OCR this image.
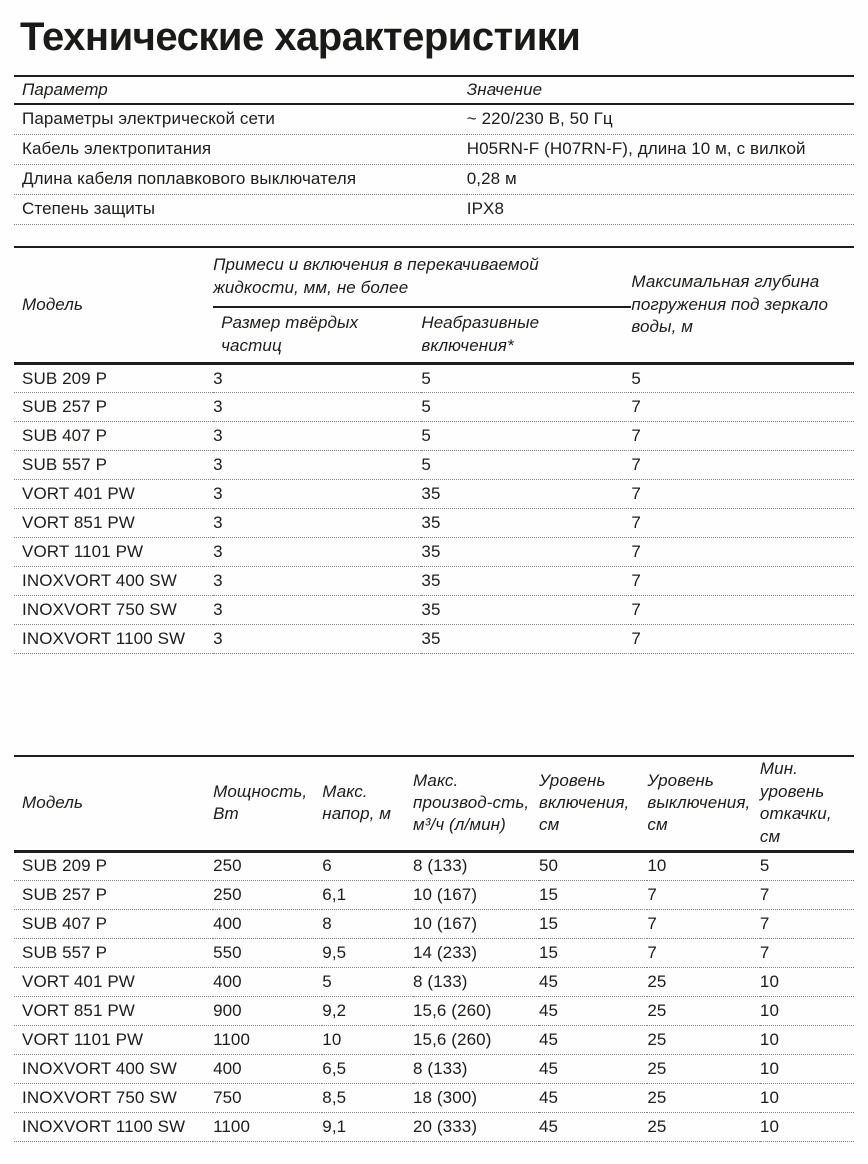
Технические характеристики
Параметр	Значение
Параметры электрической сети	~ 220/230 В, 50 Гц
Кабель электропитания	H05RN-F (H07RN-F), длина 10 м, с вилкой
Длина кабеля поплавкового выключателя	0,28 м
Степень защиты	IPX8
Модель	Примеси и включения в перекачиваемой жидкости, мм, не более		Максимальная глубина погружения под зеркало воды, м
	Размер твёрдых частиц	Неабразивные включения*	
SUB 209 P	3	5	5
SUB 257 P	3	5	7
SUB 407 P	3	5	7
SUB 557 P	3	5	7
VORT 401 PW	3	35	7
VORT 851 PW	3	35	7
VORT 1101 PW	3	35	7
INOXVORT 400 SW	3	35	7
INOXVORT 750 SW	3	35	7
INOXVORT 1100 SW	3	35	7
Модель	Мощность, Вт	Макс. напор, м	Макс. производ-сть, м³/ч (л/мин)	Уровень включения, см	Уровень выключения, см	Мин. уровень откачки, см
SUB 209 P	250	6	8 (133)	50	10	5
SUB 257 P	250	6,1	10 (167)	15	7	7
SUB 407 P	400	8	10 (167)	15	7	7
SUB 557 P	550	9,5	14 (233)	15	7	7
VORT 401 PW	400	5	8 (133)	45	25	10
VORT 851 PW	900	9,2	15,6 (260)	45	25	10
VORT 1101 PW	1100	10	15,6 (260)	45	25	10
INOXVORT 400 SW	400	6,5	8 (133)	45	25	10
INOXVORT 750 SW	750	8,5	18 (300)	45	25	10
INOXVORT 1100 SW	1100	9,1	20 (333)	45	25	10
